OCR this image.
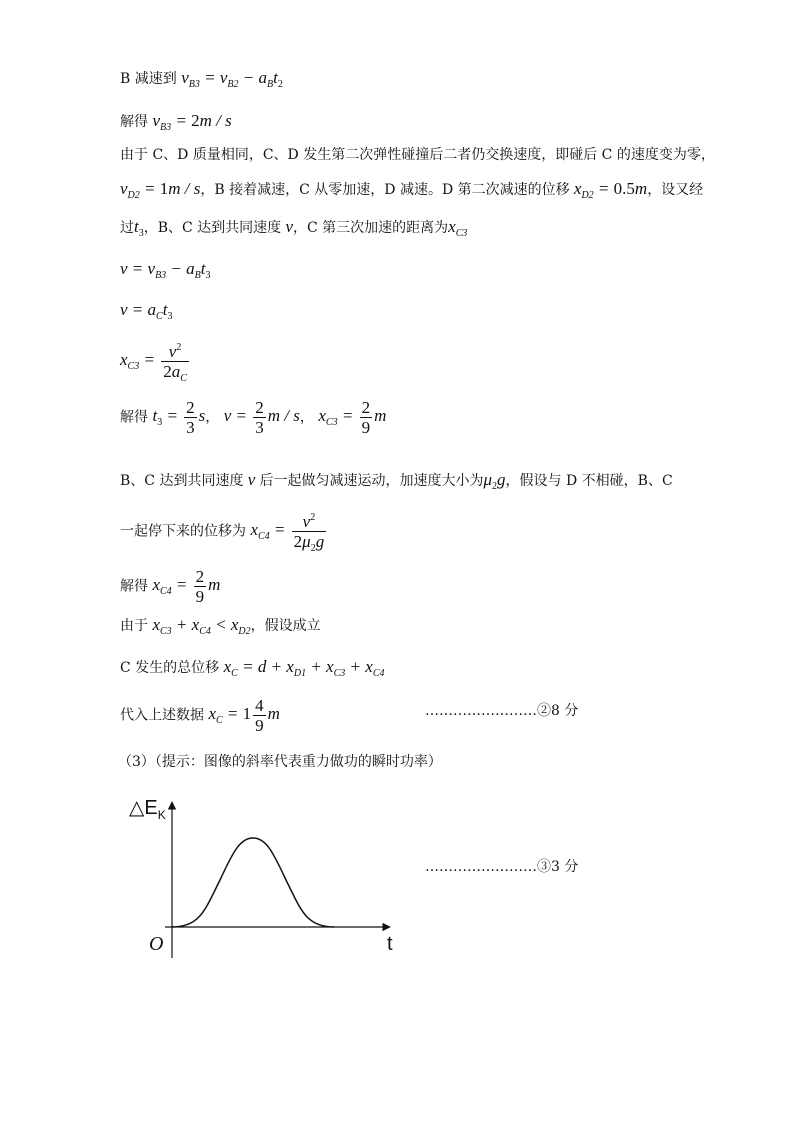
B 减速到 $v_{B3} = v_{B2} - a_Bt_2$
解得 $v_{B3} = 2m / s$
由于 C、D 质量相同，C、D 发生第二次弹性碰撞后二者仍交换速度，即碰后 C 的速度变为零，
$v_{D2} = 1m / s$，B 接着减速，C 从零加速，D 减速。D 第二次减速的位移 $x_{D2} = 0.5m$，设又经
过$t_3$，B、C 达到共同速度 v，C 第三次加速的距离为$x_{C3}$
$v = v_{B3} - a_Bt_3$
$v = a_Ct_3$
$x_{C3} = \frac{v^2}{2a_C}$
解得 $t_3 = \frac{2}{3}$ s， $v = \frac{2}{3}$ m / s， $x_{C3} = \frac{2}{9}$ m
B、C 达到共同速度 v 后一起做匀减速运动，加速度大小为$\mu_2g$，假设与 D 不相碰，B、C
一起停下来的位移为 $x_{C4} = \frac{v^2}{2\mu_2g}$
解得 $x_{C4} = \frac{2}{9}$ m
由于 $x_{C3} + x_{C4} < x_{D2}$，假设成立
C 发生的总位移 $x_C = d + x_{D1} + x_{C3} + x_{C4}$
代入上述数据 $x_C = 1 \frac{4}{9}$ m	……………………②8 分
（3）（提示：图像的斜率代表重力做功的瞬时功率）
$\triangle E_K$
t
O
……………………③3 分
